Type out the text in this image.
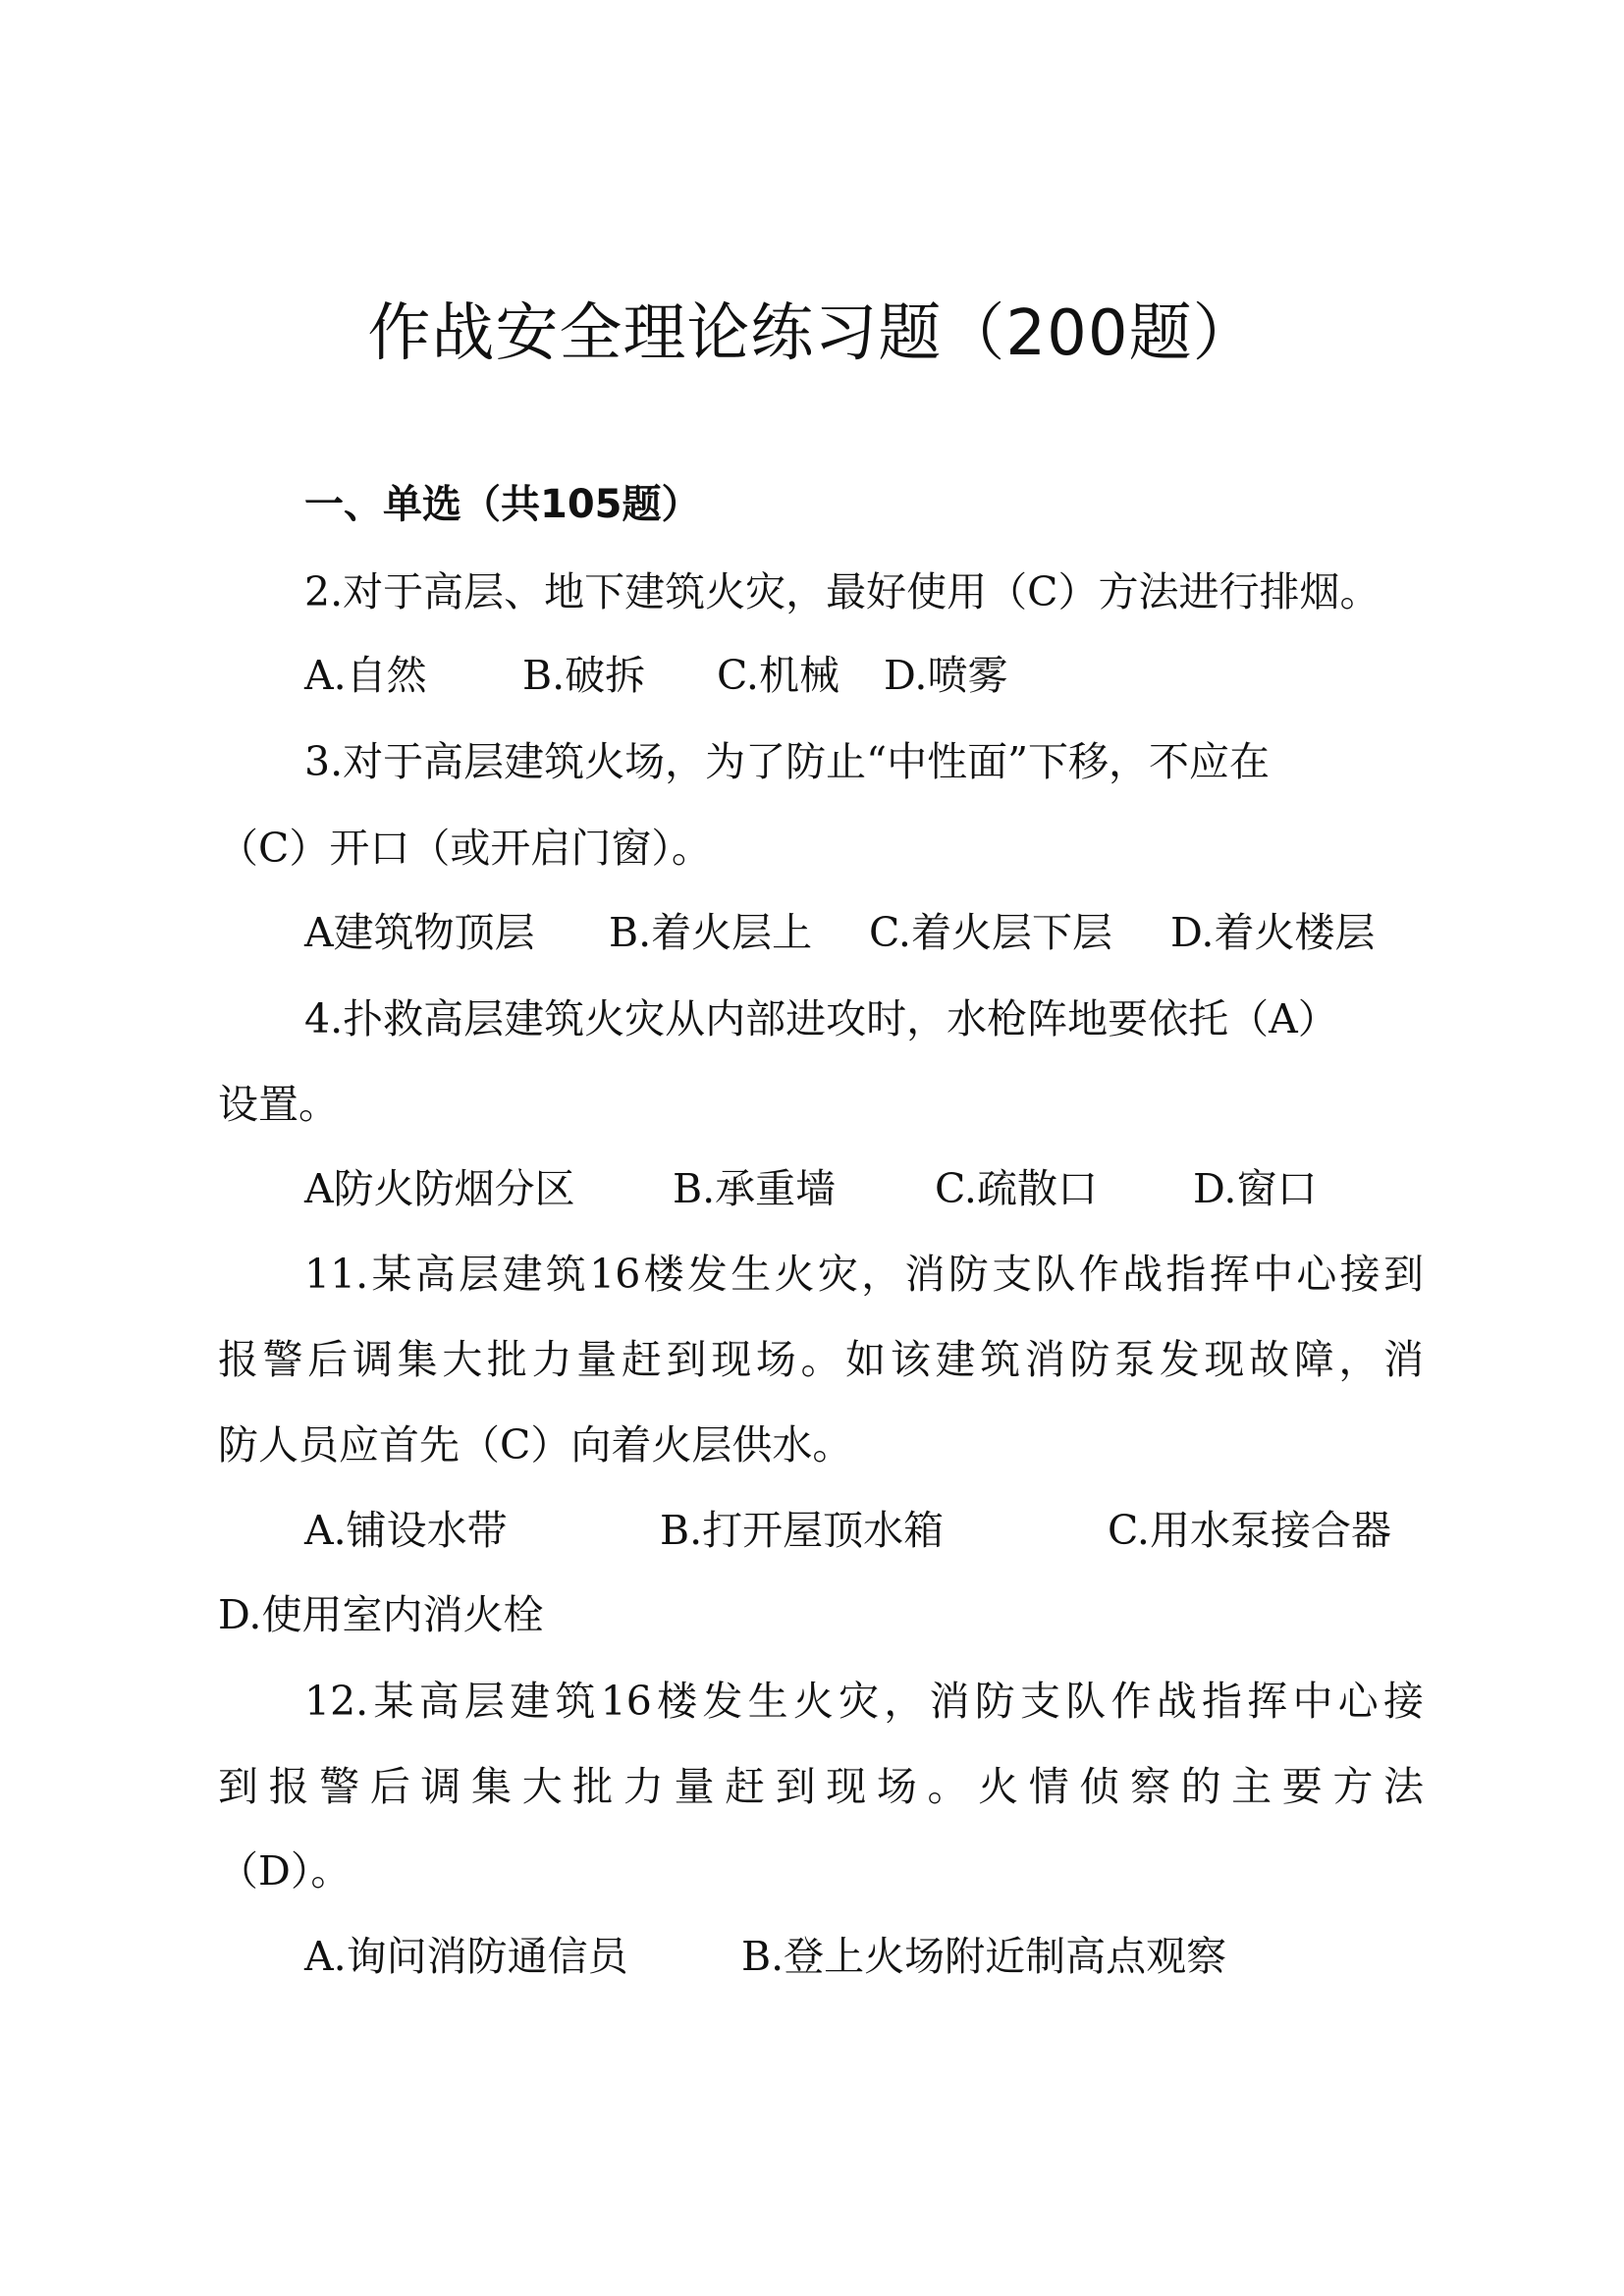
作战安全理论练习题（200题）
一、单选（共105题）
2.对于高层、地下建筑火灾，最好使用（C）方法进行排烟。
A.自然 B.破拆 C.机械 D.喷雾
3.对于高层建筑火场，为了防止“中性面”下移，不应在
（C）开口（或开启门窗）。
A建筑物顶层 B.着火层上 C.着火层下层 D.着火楼层
4.扑救高层建筑火灾从内部进攻时，水枪阵地要依托（A）
设置。
A防火防烟分区 B.承重墙 C.疏散口 D.窗口
11.某高层建筑16楼发生火灾，消防支队作战指挥中心接到
报警后调集大批力量赶到现场。如该建筑消防泵发现故障，消
防人员应首先（C）向着火层供水。
A.铺设水带	B.打开屋顶水箱	C.用水泵接合器
D.使用室内消火栓
12.某高层建筑16楼发生火灾，消防支队作战指挥中心接
到报警后调集大批力量赶到现场。火情侦察的主要方法
（D）。
A.询问消防通信员	B.登上火场附近制高点观察
